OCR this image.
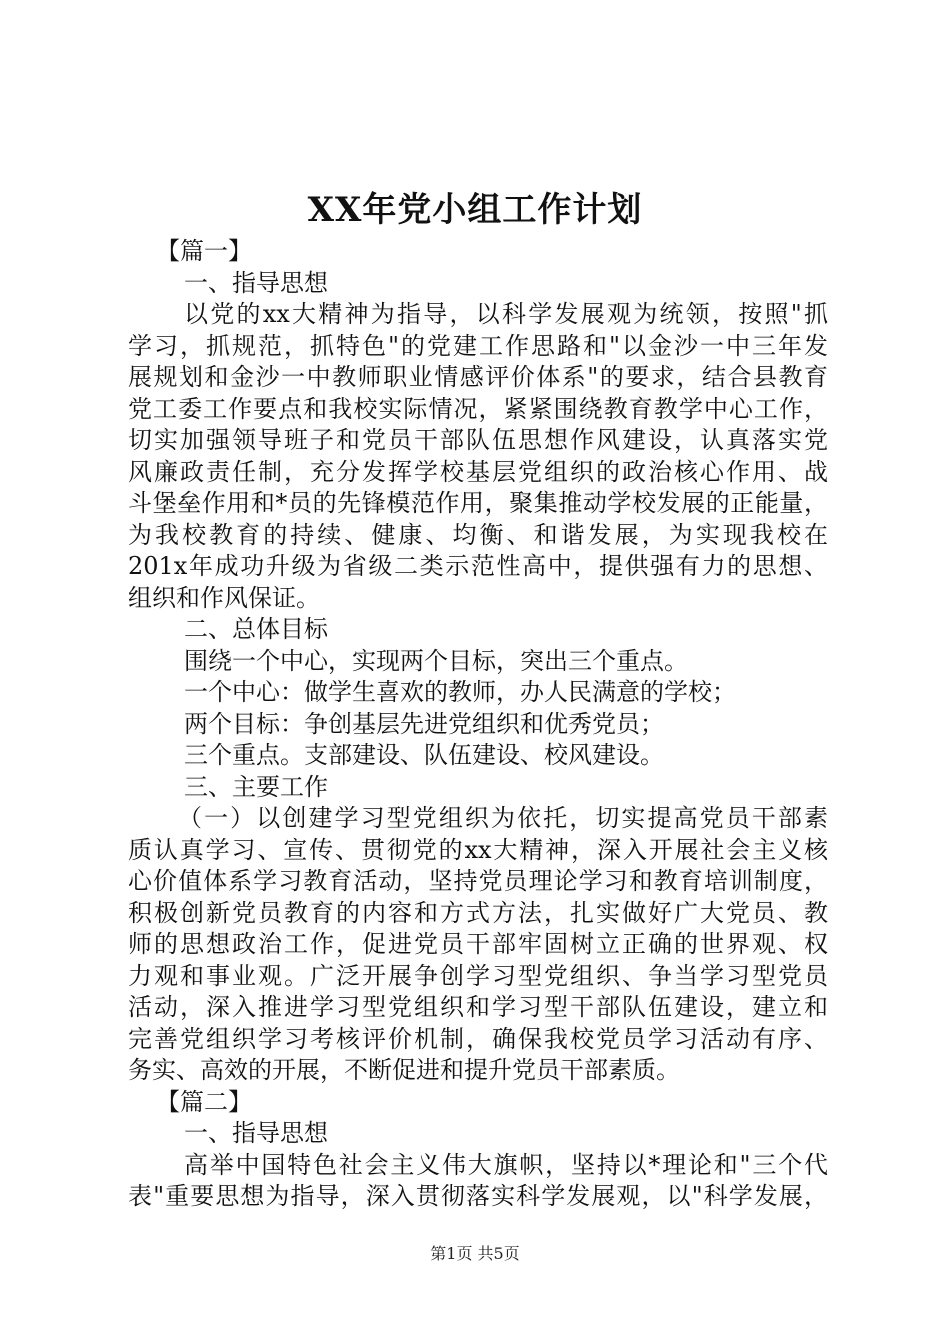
XX年党小组工作计划
【篇一】
一、指导思想
以党的xx大精神为指导，以科学发展观为统领，按照"抓
学习，抓规范，抓特色"的党建工作思路和"以金沙一中三年发
展规划和金沙一中教师职业情感评价体系"的要求，结合县教育
党工委工作要点和我校实际情况，紧紧围绕教育教学中心工作，
切实加强领导班子和党员干部队伍思想作风建设，认真落实党
风廉政责任制，充分发挥学校基层党组织的政治核心作用、战
斗堡垒作用和*员的先锋模范作用，聚集推动学校发展的正能量，
为我校教育的持续、健康、均衡、和谐发展，为实现我校在
201x年成功升级为省级二类示范性高中，提供强有力的思想、
组织和作风保证。
二、总体目标
围绕一个中心，实现两个目标，突出三个重点。
一个中心：做学生喜欢的教师，办人民满意的学校；
两个目标：争创基层先进党组织和优秀党员；
三个重点。支部建设、队伍建设、校风建设。
三、主要工作
（一）以创建学习型党组织为依托，切实提高党员干部素
质认真学习、宣传、贯彻党的xx大精神，深入开展社会主义核
心价值体系学习教育活动，坚持党员理论学习和教育培训制度，
积极创新党员教育的内容和方式方法，扎实做好广大党员、教
师的思想政治工作，促进党员干部牢固树立正确的世界观、权
力观和事业观。广泛开展争创学习型党组织、争当学习型党员
活动，深入推进学习型党组织和学习型干部队伍建设，建立和
完善党组织学习考核评价机制，确保我校党员学习活动有序、
务实、高效的开展，不断促进和提升党员干部素质。
【篇二】
一、指导思想
高举中国特色社会主义伟大旗帜，坚持以*理论和"三个代
表"重要思想为指导，深入贯彻落实科学发展观，以"科学发展，
第1页 共5页
